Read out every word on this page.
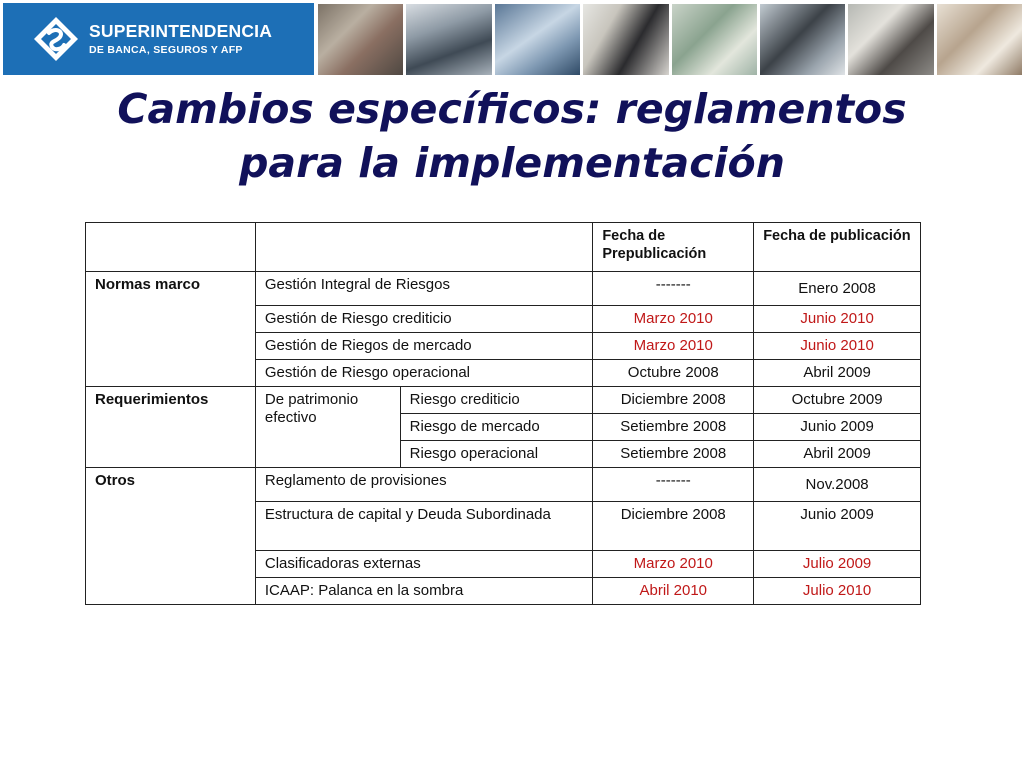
SUPERINTENDENCIA
DE BANCA, SEGUROS Y AFP
Cambios específicos: reglamentos
para la implementación
			Fecha de Prepublicación	Fecha de publicación
Normas marco	Gestión Integral de Riesgos		-------	Enero 2008
	Gestión de Riesgo crediticio		Marzo 2010	Junio 2010
	Gestión de Riegos de mercado		Marzo 2010	Junio 2010
	Gestión de Riesgo operacional		Octubre 2008	Abril 2009
Requerimientos	De patrimonio efectivo	Riesgo crediticio	Diciembre 2008	Octubre 2009
		Riesgo de mercado	Setiembre 2008	Junio 2009
		Riesgo operacional	Setiembre 2008	Abril 2009
Otros	Reglamento de provisiones		-------	Nov.2008
	Estructura de capital y Deuda Subordinada		Diciembre 2008	Junio 2009
	Clasificadoras externas		Marzo 2010	Julio 2009
	ICAAP: Palanca en la sombra		Abril 2010	Julio 2010
